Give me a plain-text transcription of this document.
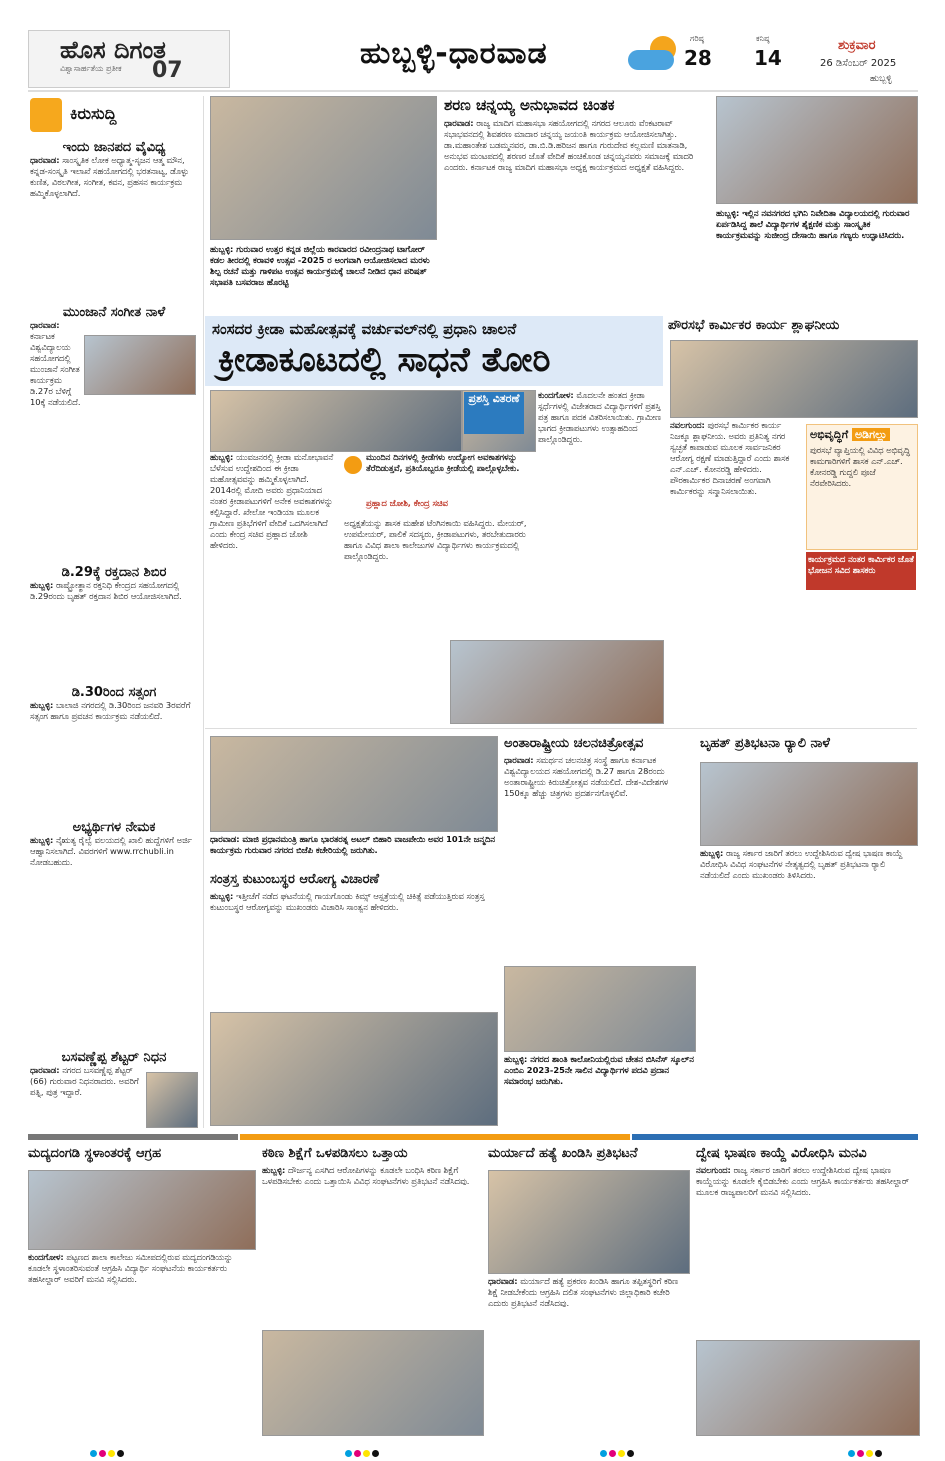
ಹೊಸ ದಿಗಂತ
ವಿಶ್ವಾಸಾರ್ಹತೆಯ ಪ್ರತೀಕ 07	ಹುಬ್ಬಳ್ಳಿ-ಧಾರವಾಡ	ಗರಿಷ್ಠ
28
ಕನಿಷ್ಠ
14
ಶುಕ್ರವಾರ
26 ಡಿಸೆಂಬರ್ 2025
ಹುಬ್ಬಳ್ಳಿ
ಕಿರುಸುದ್ದಿ
ಇಂದು ಜಾನಪದ ವೈವಿಧ್ಯ
ಧಾರವಾಡ: ಸಾಂಸ್ಕೃತಿಕ ಲೋಕ ಅಧ್ಯಾತ್ಮ-ಸೃಜನ ಆತ್ಮ ಮೌನ, ಕನ್ನಡ-ಸಂಸ್ಕೃತಿ ಇಲಾಖೆ ಸಹಯೋಗದಲ್ಲಿ ಭರತನಾಟ್ಯ, ಡೊಳ್ಳು ಕುಣಿತ, ವಿಠಲಗೀತ, ಸಂಗೀತ, ಕವನ, ಪ್ರಹಸನ ಕಾರ್ಯಕ್ರಮ ಹಮ್ಮಿಕೊಳ್ಳಲಾಗಿದೆ.
ಮುಂಜಾನೆ ಸಂಗೀತ ನಾಳೆ
ಧಾರವಾಡ: ಕರ್ನಾಟಕ ವಿಶ್ವವಿದ್ಯಾಲಯ ಸಹಯೋಗದಲ್ಲಿ ಮುಂಜಾನೆ ಸಂಗೀತ ಕಾರ್ಯಕ್ರಮ ಡಿ.27ರ ಬೆಳಿಗ್ಗೆ 10ಕ್ಕೆ ನಡೆಯಲಿದೆ.
ಡಿ.29ಕ್ಕೆ ರಕ್ತದಾನ ಶಿಬಿರ
ಹುಬ್ಬಳ್ಳಿ: ರಾಷ್ಟ್ರೋತ್ಥಾನ ರಕ್ತನಿಧಿ ಕೇಂದ್ರದ ಸಹಯೋಗದಲ್ಲಿ ಡಿ.29ರಂದು ಬೃಹತ್ ರಕ್ತದಾನ ಶಿಬಿರ ಆಯೋಜಿಸಲಾಗಿದೆ.
ಡಿ.30ರಿಂದ ಸತ್ಸಂಗ
ಹುಬ್ಬಳ್ಳಿ: ಬಾಲಾಜಿ ನಗರದಲ್ಲಿ ಡಿ.30ರಿಂದ ಜನವರಿ 3ರವರೆಗೆ ಸತ್ಸಂಗ ಹಾಗೂ ಪ್ರವಚನ ಕಾರ್ಯಕ್ರಮ ನಡೆಯಲಿದೆ.
ಅಭ್ಯರ್ಥಿಗಳ ನೇಮಕ
ಹುಬ್ಬಳ್ಳಿ: ನೈಋತ್ಯ ರೈಲ್ವೆ ವಲಯದಲ್ಲಿ ಖಾಲಿ ಹುದ್ದೆಗಳಿಗೆ ಅರ್ಜಿ ಆಹ್ವಾನಿಸಲಾಗಿದೆ. ವಿವರಗಳಿಗೆ www.rrchubli.in ನೋಡಬಹುದು.
ಬಸವಣ್ಣೆಪ್ಪ ಶೆಟ್ಟರ್ ನಿಧನ
ಧಾರವಾಡ: ನಗರದ ಬಸವಣ್ಣೆಪ್ಪ ಶೆಟ್ಟರ್ (66) ಗುರುವಾರ ನಿಧನರಾದರು. ಅವರಿಗೆ ಪತ್ನಿ, ಪುತ್ರ ಇದ್ದಾರೆ.
ಹುಬ್ಬಳ್ಳಿ: ಗುರುವಾರ ಉತ್ತರ ಕನ್ನಡ ಜಿಲ್ಲೆಯ ಕಾರವಾರದ ರವೀಂದ್ರನಾಥ ಟಾಗೋರ್ ಕಡಲ ತೀರದಲ್ಲಿ ಕರಾವಳಿ ಉತ್ಸವ -2025 ರ ಅಂಗವಾಗಿ ಆಯೋಜಿಸಲಾದ ಮರಳು ಶಿಲ್ಪ ರಚನೆ ಮತ್ತು ಗಾಳಿಪಟ ಉತ್ಸವ ಕಾರ್ಯಕ್ರಮಕ್ಕೆ ಚಾಲನೆ ನೀಡಿದ ಧಾನ ಪರಿಷತ್ ಸಭಾಪತಿ ಬಸವರಾಜ ಹೊರಟ್ಟಿ
ಶರಣ ಚನ್ನಯ್ಯ ಅನುಭಾವದ ಚಿಂತಕ
ಧಾರವಾಡ: ರಾಜ್ಯ ಮಾದಿಗ ಮಹಾಸಭಾ ಸಹಯೋಗದಲ್ಲಿ ನಗರದ ಆಲೂರು ವೆಂಕಟರಾವ್ ಸಭಾಭವನದಲ್ಲಿ ಶಿವಶರಣ ಮಾದಾರ ಚನ್ನಯ್ಯ ಜಯಂತಿ ಕಾರ್ಯಕ್ರಮ ಆಯೋಜಿಸಲಾಗಿತ್ತು. ಡಾ.ಮಹಾಂತೇಶ ಬಡಮ್ಮನವರ, ಡಾ.ಬಿ.ಡಿ.ಹರಿಜನ ಹಾಗೂ ಗುರುದೇವ ಕಲ್ಲಮಣಿ ಮಾತನಾಡಿ, ಅನುಭವ ಮಂಟಪದಲ್ಲಿ ಶರಣರ ಜೊತೆ ವೇದಿಕೆ ಹಂಚಿಕೊಂಡ ಚನ್ನಯ್ಯನವರು ಸಮಾಜಕ್ಕೆ ಮಾದರಿ ಎಂದರು. ಕರ್ನಾಟಕ ರಾಜ್ಯ ಮಾದಿಗ ಮಹಾಸಭಾ ಅಧ್ಯಕ್ಷ ಕಾರ್ಯಕ್ರಮದ ಅಧ್ಯಕ್ಷತೆ ವಹಿಸಿದ್ದರು.
ಹುಬ್ಬಳ್ಳಿ: ಇಲ್ಲಿನ ನವನಗರದ ಭಗಿನಿ ನಿವೇದಿತಾ ವಿದ್ಯಾಲಯದಲ್ಲಿ ಗುರುವಾರ ಏರ್ಪಡಿಸಿದ್ದ ಶಾಲೆ ವಿದ್ಯಾರ್ಥಿಗಳ ಶೈಕ್ಷಣಿಕ ಮತ್ತು ಸಾಂಸ್ಕೃತಿಕ ಕಾರ್ಯಕ್ರಮವನ್ನು ಸುಜೀಂದ್ರ ದೇಸಾಯಿ ಹಾಗೂ ಗಣ್ಯರು ಉದ್ಘಾಟಿಸಿದರು.
ಸಂಸದರ ಕ್ರೀಡಾ ಮಹೋತ್ಸವಕ್ಕೆ ವರ್ಚುವಲ್‌ನಲ್ಲಿ ಪ್ರಧಾನಿ ಚಾಲನೆ
ಕ್ರೀಡಾಕೂಟದಲ್ಲಿ ಸಾಧನೆ ತೋರಿ
ಪ್ರಶಸ್ತಿ ವಿತರಣೆ	ಕುಂದಗೋಳ: ಮೊದಲನೇ ಹಂತದ ಕ್ರೀಡಾ ಸ್ಪರ್ಧೆಗಳಲ್ಲಿ ವಿಜೇತರಾದ ವಿದ್ಯಾರ್ಥಿಗಳಿಗೆ ಪ್ರಶಸ್ತಿ ಪತ್ರ ಹಾಗೂ ಪದಕ ವಿತರಿಸಲಾಯಿತು. ಗ್ರಾಮೀಣ ಭಾಗದ ಕ್ರೀಡಾಪಟುಗಳು ಉತ್ಸಾಹದಿಂದ ಪಾಲ್ಗೊಂಡಿದ್ದರು.
ಹುಬ್ಬಳ್ಳಿ: ಯುವಜನರಲ್ಲಿ ಕ್ರೀಡಾ ಮನೋಭಾವನೆ ಬೆಳೆಸುವ ಉದ್ದೇಶದಿಂದ ಈ ಕ್ರೀಡಾ ಮಹೋತ್ಸವವನ್ನು ಹಮ್ಮಿಕೊಳ್ಳಲಾಗಿದೆ. 2014ರಲ್ಲಿ ಮೋದಿ ಅವರು ಪ್ರಧಾನಿಯಾದ ನಂತರ ಕ್ರೀಡಾಪಟುಗಳಿಗೆ ಅನೇಕ ಅವಕಾಶಗಳನ್ನು ಕಲ್ಪಿಸಿದ್ದಾರೆ. ಖೇಲೋ ಇಂಡಿಯಾ ಮೂಲಕ ಗ್ರಾಮೀಣ ಪ್ರತಿಭೆಗಳಿಗೆ ವೇದಿಕೆ ಒದಗಿಸಲಾಗಿದೆ ಎಂದು ಕೇಂದ್ರ ಸಚಿವ ಪ್ರಹ್ಲಾದ ಜೋಶಿ ಹೇಳಿದರು.
ಮುಂದಿನ ದಿನಗಳಲ್ಲಿ ಕ್ರೀಡೆಗಳು ಉದ್ಯೋಗ ಅವಕಾಶಗಳನ್ನು ತೆರೆದಿಡುತ್ತವೆ, ಪ್ರತಿಯೊಬ್ಬರೂ ಕ್ರೀಡೆಯಲ್ಲಿ ಪಾಲ್ಗೊಳ್ಳಬೇಕು.
ಪ್ರಹ್ಲಾದ ಜೋಶಿ, ಕೇಂದ್ರ ಸಚಿವ
ಅಧ್ಯಕ್ಷತೆಯನ್ನು ಶಾಸಕ ಮಹೇಶ ಟೆಂಗಿನಕಾಯಿ ವಹಿಸಿದ್ದರು. ಮೇಯರ್, ಉಪಮೇಯರ್, ಪಾಲಿಕೆ ಸದಸ್ಯರು, ಕ್ರೀಡಾಪಟುಗಳು, ತರಬೇತುದಾರರು ಹಾಗೂ ವಿವಿಧ ಶಾಲಾ ಕಾಲೇಜುಗಳ ವಿದ್ಯಾರ್ಥಿಗಳು ಕಾರ್ಯಕ್ರಮದಲ್ಲಿ ಪಾಲ್ಗೊಂಡಿದ್ದರು.
ಪೌರಸಭೆ ಕಾರ್ಮಿಕರ ಕಾರ್ಯ ಶ್ಲಾಘನೀಯ
ನವಲಗುಂದ: ಪುರಸಭೆ ಕಾರ್ಮಿಕರ ಕಾರ್ಯ ನಿಜಕ್ಕೂ ಶ್ಲಾಘನೀಯ. ಅವರು ಪ್ರತಿನಿತ್ಯ ನಗರ ಸ್ವಚ್ಛತೆ ಕಾಪಾಡುವ ಮೂಲಕ ಸಾರ್ವಜನಿಕರ ಆರೋಗ್ಯ ರಕ್ಷಣೆ ಮಾಡುತ್ತಿದ್ದಾರೆ ಎಂದು ಶಾಸಕ ಎನ್.ಎಚ್. ಕೋನರಡ್ಡಿ ಹೇಳಿದರು. ಪೌರಕಾರ್ಮಿಕರ ದಿನಾಚರಣೆ ಅಂಗವಾಗಿ ಕಾರ್ಮಿಕರನ್ನು ಸನ್ಮಾನಿಸಲಾಯಿತು.
ಅಭಿವೃದ್ಧಿಗೆ ಅಡಿಗಲ್ಲು
ಪುರಸಭೆ ವ್ಯಾಪ್ತಿಯಲ್ಲಿ ವಿವಿಧ ಅಭಿವೃದ್ಧಿ ಕಾಮಗಾರಿಗಳಿಗೆ ಶಾಸಕ ಎನ್.ಎಚ್. ಕೋನರಡ್ಡಿ ಗುದ್ದಲಿ ಪೂಜೆ ನೆರವೇರಿಸಿದರು.
ಕಾರ್ಯಕ್ರಮದ ನಂತರ ಕಾರ್ಮಿಕರ ಜೊತೆ ಭೋಜನ ಸವಿದ ಶಾಸಕರು
ಧಾರವಾಡ: ಮಾಜಿ ಪ್ರಧಾನಮಂತ್ರಿ ಹಾಗೂ ಭಾರತರತ್ನ ಅಟಲ್ ಬಿಹಾರಿ ವಾಜಪೇಯಿ ಅವರ 101ನೇ ಜನ್ಮದಿನ ಕಾರ್ಯಕ್ರಮ ಗುರುವಾರ ನಗರದ ಬಿಜೆಪಿ ಕಚೇರಿಯಲ್ಲಿ ಜರುಗಿತು.
ಅಂತಾರಾಷ್ಟ್ರೀಯ ಚಲನಚಿತ್ರೋತ್ಸವ
ಧಾರವಾಡ: ಸಮರ್ಥನ ಚಲನಚಿತ್ರ ಸಂಸ್ಥೆ ಹಾಗೂ ಕರ್ನಾಟಕ ವಿಶ್ವವಿದ್ಯಾಲಯದ ಸಹಯೋಗದಲ್ಲಿ ಡಿ.27 ಹಾಗೂ 28ರಂದು ಅಂತಾರಾಷ್ಟ್ರೀಯ ಕಿರುಚಿತ್ರೋತ್ಸವ ನಡೆಯಲಿದೆ. ದೇಶ-ವಿದೇಶಗಳ 150ಕ್ಕೂ ಹೆಚ್ಚು ಚಿತ್ರಗಳು ಪ್ರದರ್ಶನಗೊಳ್ಳಲಿವೆ.
ಬೃಹತ್ ಪ್ರತಿಭಟನಾ ರ್‍ಯಾಲಿ ನಾಳೆ
ಹುಬ್ಬಳ್ಳಿ: ರಾಜ್ಯ ಸರ್ಕಾರ ಜಾರಿಗೆ ತರಲು ಉದ್ದೇಶಿಸಿರುವ ದ್ವೇಷ ಭಾಷಣ ಕಾಯ್ದೆ ವಿರೋಧಿಸಿ ವಿವಿಧ ಸಂಘಟನೆಗಳ ನೇತೃತ್ವದಲ್ಲಿ ಬೃಹತ್ ಪ್ರತಿಭಟನಾ ರ್‍ಯಾಲಿ ನಡೆಯಲಿದೆ ಎಂದು ಮುಖಂಡರು ತಿಳಿಸಿದರು.
ಸಂತ್ರಸ್ತ ಕುಟುಂಬಸ್ಥರ ಆರೋಗ್ಯ ವಿಚಾರಣೆ
ಹುಬ್ಬಳ್ಳಿ: ಇತ್ತೀಚೆಗೆ ನಡೆದ ಘಟನೆಯಲ್ಲಿ ಗಾಯಗೊಂಡು ಕಿಮ್ಸ್ ಆಸ್ಪತ್ರೆಯಲ್ಲಿ ಚಿಕಿತ್ಸೆ ಪಡೆಯುತ್ತಿರುವ ಸಂತ್ರಸ್ತ ಕುಟುಂಬಸ್ಥರ ಆರೋಗ್ಯವನ್ನು ಮುಖಂಡರು ವಿಚಾರಿಸಿ ಸಾಂತ್ವನ ಹೇಳಿದರು.
ಹುಬ್ಬಳ್ಳಿ: ನಗರದ ಶಾಂತಿ ಕಾಲೋನಿಯಲ್ಲಿರುವ ಚೇತನ ಬಿಸಿನೆಸ್ ಸ್ಕೂಲ್‌ನ ಎಂಬಿಎ 2023-25ನೇ ಸಾಲಿನ ವಿದ್ಯಾರ್ಥಿಗಳ ಪದವಿ ಪ್ರದಾನ ಸಮಾರಂಭ ಜರುಗಿತು.
ಮದ್ಯದಂಗಡಿ ಸ್ಥಳಾಂತರಕ್ಕೆ ಆಗ್ರಹ
ಕುಂದಗೋಳ: ಪಟ್ಟಣದ ಶಾಲಾ ಕಾಲೇಜು ಸಮೀಪದಲ್ಲಿರುವ ಮದ್ಯದಂಗಡಿಯನ್ನು ಕೂಡಲೇ ಸ್ಥಳಾಂತರಿಸುವಂತೆ ಆಗ್ರಹಿಸಿ ವಿದ್ಯಾರ್ಥಿ ಸಂಘಟನೆಯ ಕಾರ್ಯಕರ್ತರು ತಹಸೀಲ್ದಾರ್ ಅವರಿಗೆ ಮನವಿ ಸಲ್ಲಿಸಿದರು.
ಕಠಿಣ ಶಿಕ್ಷೆಗೆ ಒಳಪಡಿಸಲು ಒತ್ತಾಯ
ಹುಬ್ಬಳ್ಳಿ: ದೌರ್ಜನ್ಯ ಎಸಗಿದ ಆರೋಪಿಗಳನ್ನು ಕೂಡಲೇ ಬಂಧಿಸಿ ಕಠಿಣ ಶಿಕ್ಷೆಗೆ ಒಳಪಡಿಸಬೇಕು ಎಂದು ಒತ್ತಾಯಿಸಿ ವಿವಿಧ ಸಂಘಟನೆಗಳು ಪ್ರತಿಭಟನೆ ನಡೆಸಿದವು.
ಮರ್ಯಾದೆ ಹತ್ಯೆ ಖಂಡಿಸಿ ಪ್ರತಿಭಟನೆ
ಧಾರವಾಡ: ಮರ್ಯಾದೆ ಹತ್ಯೆ ಪ್ರಕರಣ ಖಂಡಿಸಿ ಹಾಗೂ ತಪ್ಪಿತಸ್ಥರಿಗೆ ಕಠಿಣ ಶಿಕ್ಷೆ ನೀಡಬೇಕೆಂದು ಆಗ್ರಹಿಸಿ ದಲಿತ ಸಂಘಟನೆಗಳು ಜಿಲ್ಲಾಧಿಕಾರಿ ಕಚೇರಿ ಎದುರು ಪ್ರತಿಭಟನೆ ನಡೆಸಿದವು.
ದ್ವೇಷ ಭಾಷಣ ಕಾಯ್ದೆ ವಿರೋಧಿಸಿ ಮನವಿ
ನವಲಗುಂದ: ರಾಜ್ಯ ಸರ್ಕಾರ ಜಾರಿಗೆ ತರಲು ಉದ್ದೇಶಿಸಿರುವ ದ್ವೇಷ ಭಾಷಣ ಕಾಯ್ದೆಯನ್ನು ಕೂಡಲೇ ಕೈಬಿಡಬೇಕು ಎಂದು ಆಗ್ರಹಿಸಿ ಕಾರ್ಯಕರ್ತರು ತಹಸೀಲ್ದಾರ್ ಮೂಲಕ ರಾಜ್ಯಪಾಲರಿಗೆ ಮನವಿ ಸಲ್ಲಿಸಿದರು.
